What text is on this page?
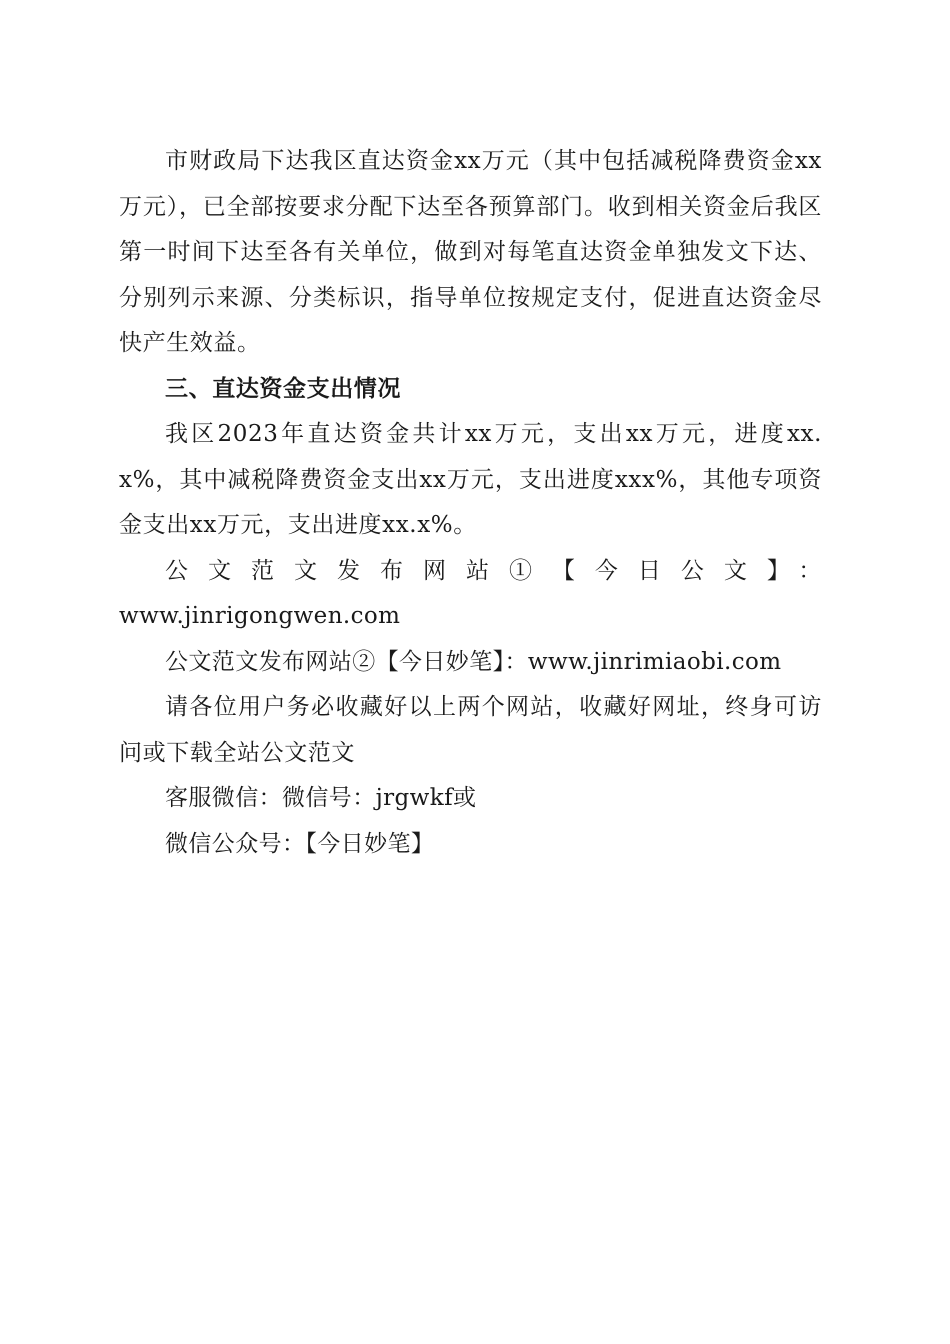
市财政局下达我区直达资金xx万元（其中包括减税降费资金xx万元），已全部按要求分配下达至各预算部门。收到相关资金后我区第一时间下达至各有关单位，做到对每笔直达资金单独发文下达、分别列示来源、分类标识，指导单位按规定支付，促进直达资金尽快产生效益。

三、直达资金支出情况

我区2023年直达资金共计xx万元，支出xx万元，进度xx.x%，其中减税降费资金支出xx万元，支出进度xxx%，其他专项资金支出xx万元，支出进度xx.x%。

公文范文发布网站①【今日公文】：

www.jinrigongwen.com

公文范文发布网站②【今日妙笔】：www.jinrimiaobi.com

请各位用户务必收藏好以上两个网站，收藏好网址，终身可访问或下载全站公文范文

客服微信：微信号：jrgwkf或

微信公众号：【今日妙笔】
